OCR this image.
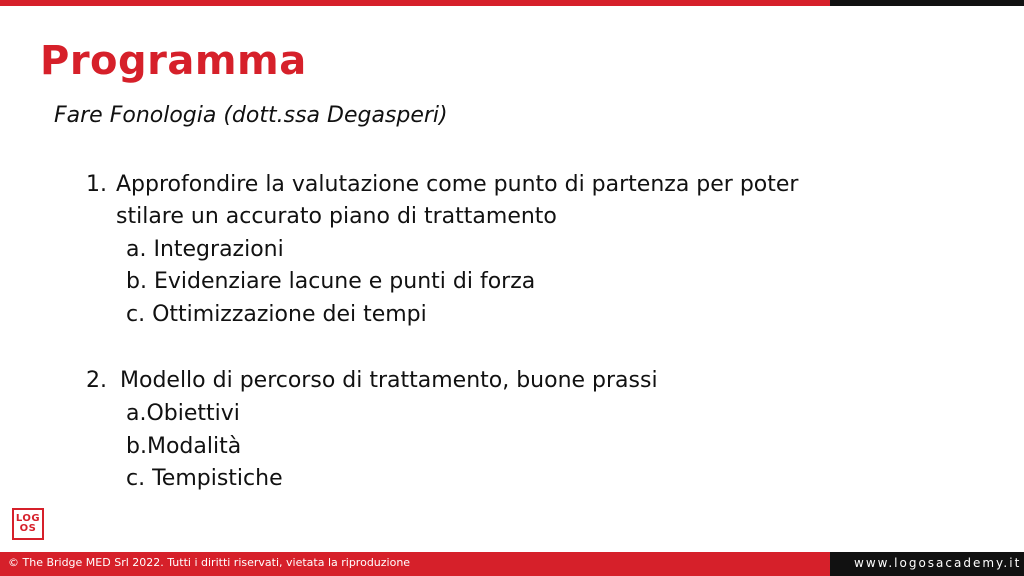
Programma
Fare Fonologia (dott.ssa Degasperi)
1. Approfondire la valutazione come punto di partenza per poter
stilare un accurato piano di trattamento
a. Integrazioni
b. Evidenziare lacune e punti di forza
c. Ottimizzazione dei tempi
2. Modello di percorso di trattamento, buone prassi
a.Obiettivi
b.Modalità
c. Tempistiche
LOG
OS
© The Bridge MED Srl 2022. Tutti i diritti riservati, vietata la riproduzione	www.logosacademy.it
